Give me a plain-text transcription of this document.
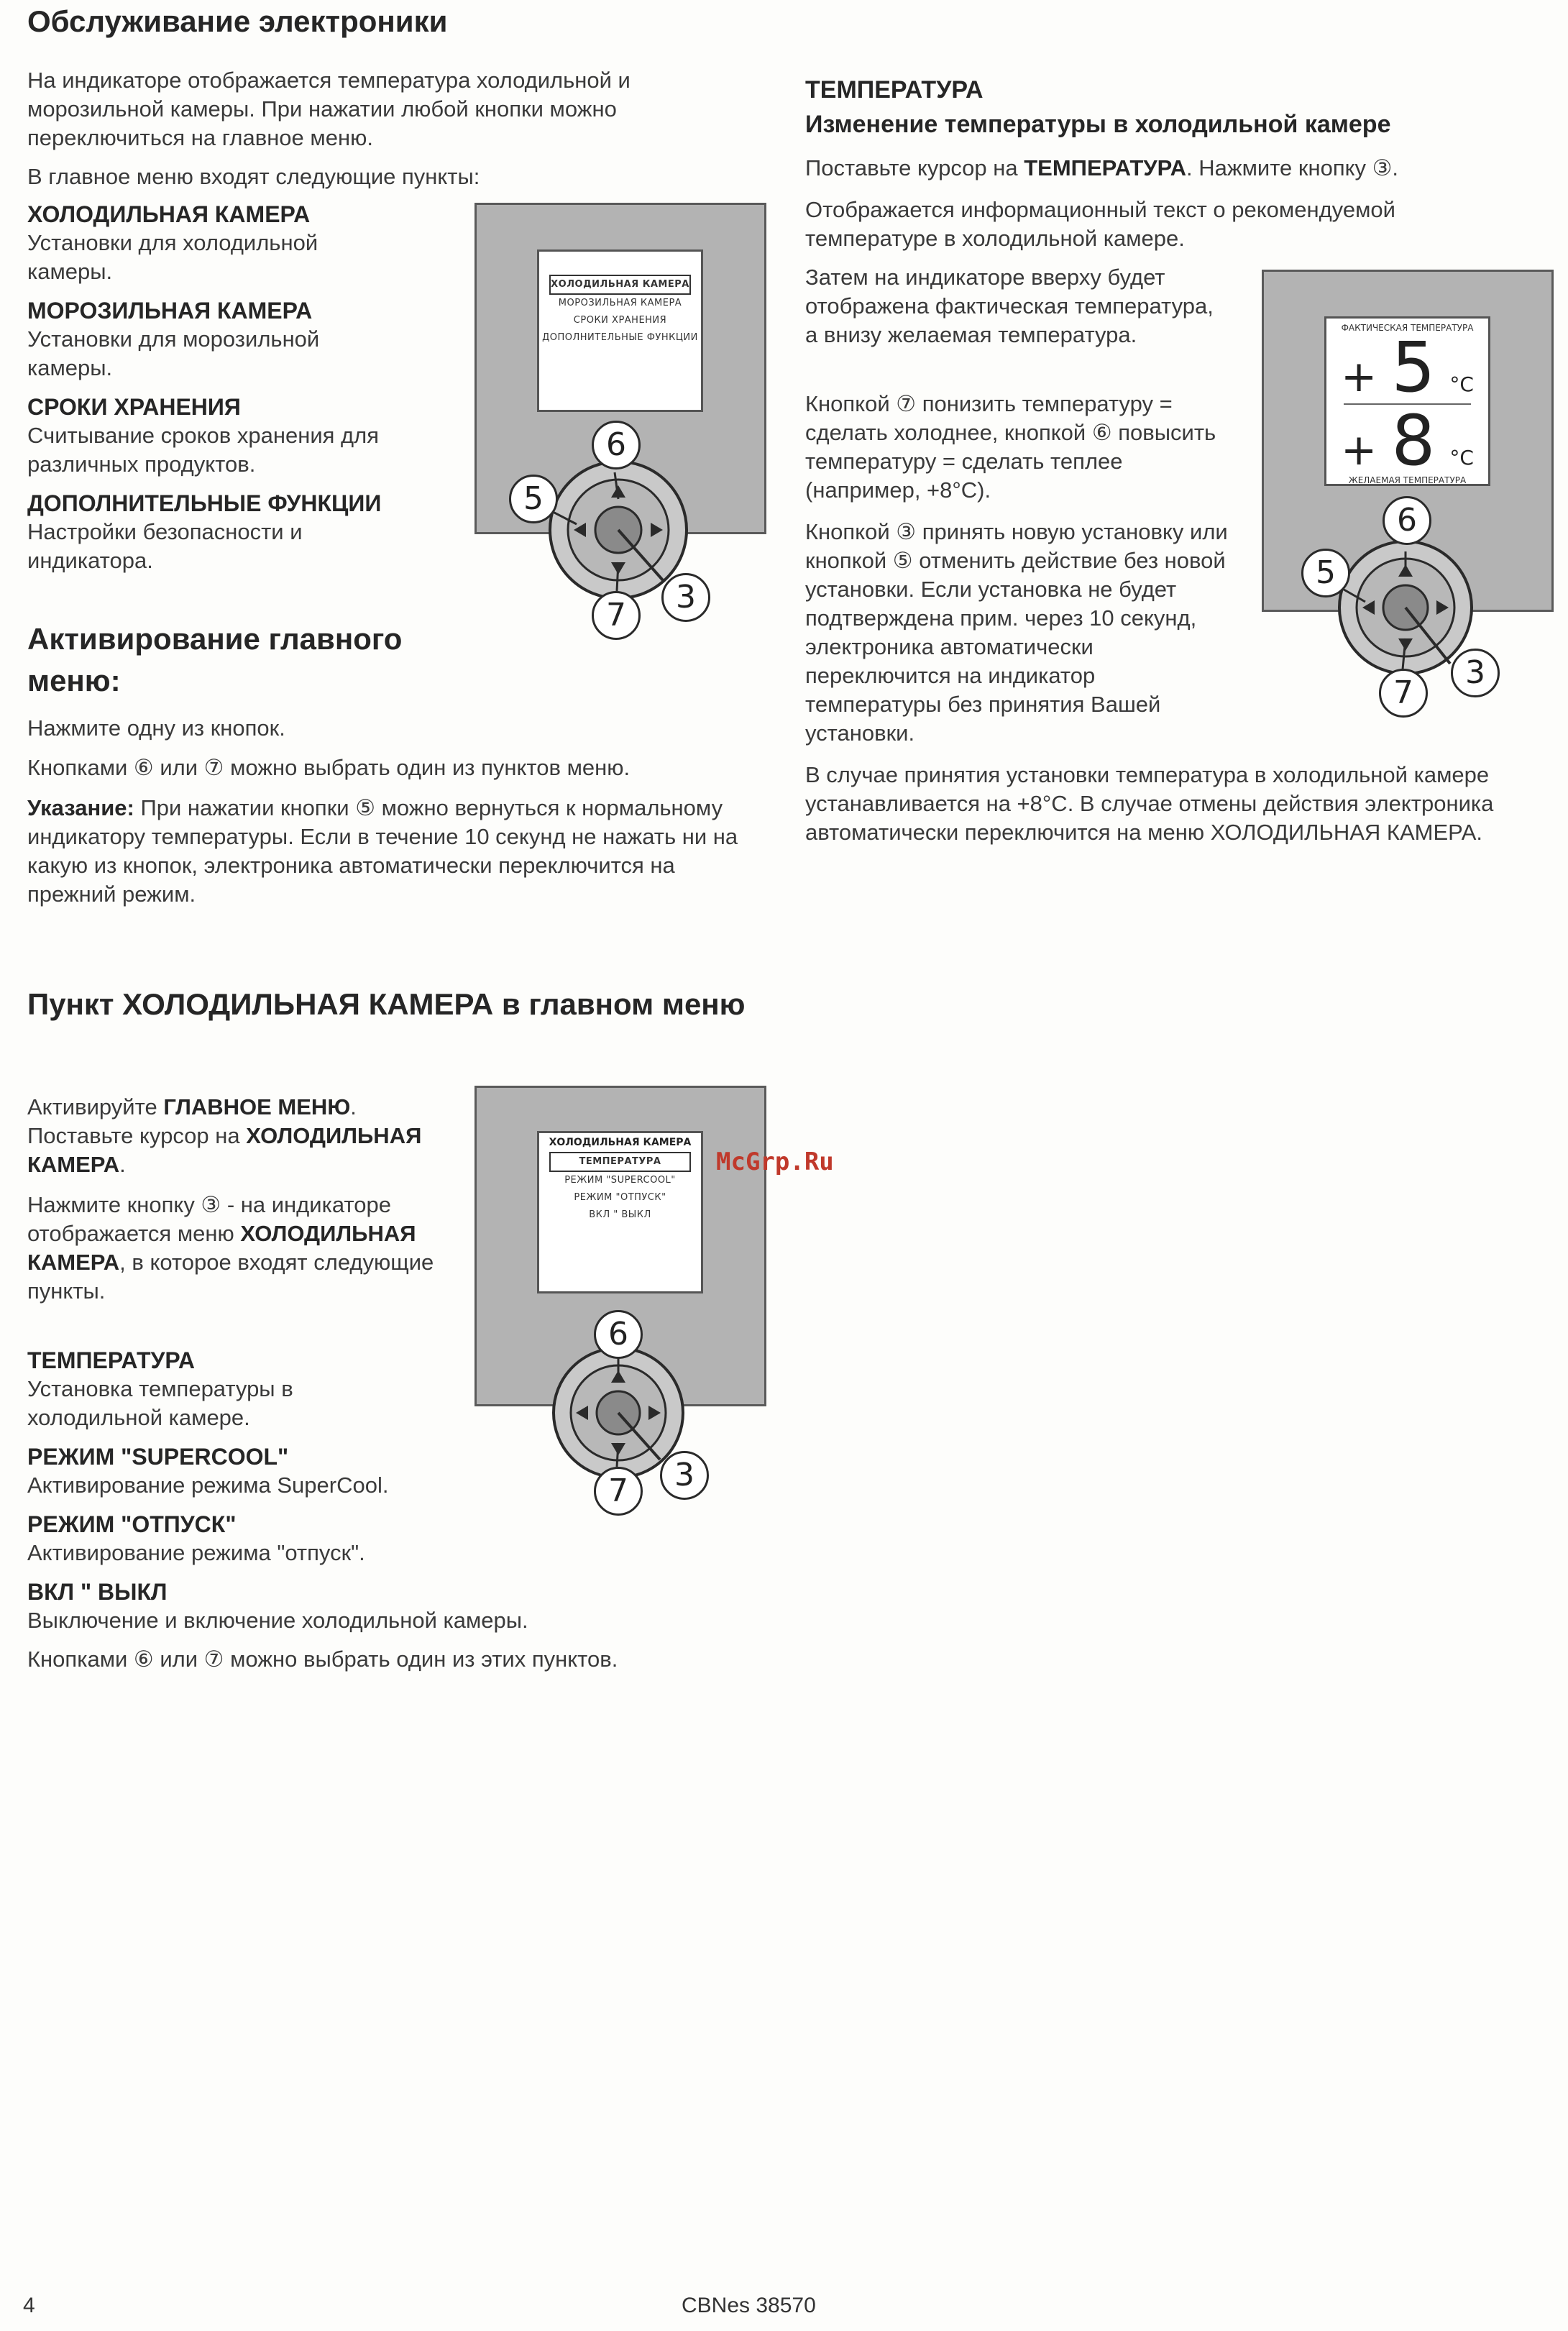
Обслуживание электроники
На индикаторе отображается температура холодильной и морозильной камеры. При нажатии любой кнопки можно переключиться на главное меню.
В главное меню входят следующие пункты:
ХОЛОДИЛЬНАЯ КАМЕРА
Установки для холодильной камеры.
МОРОЗИЛЬНАЯ КАМЕРА
Установки для морозильной камеры.
СРОКИ ХРАНЕНИЯ
Считывание сроков хранения для различных продуктов.
ДОПОЛНИТЕЛЬНЫЕ ФУНКЦИИ
Настройки безопасности и индикатора.
ХОЛОДИЛЬНАЯ КАМЕРА
МОРОЗИЛЬНАЯ КАМЕРА
СРОКИ ХРАНЕНИЯ
ДОПОЛНИТЕЛЬНЫЕ ФУНКЦИИ
6
5
7	3
Активирование главного меню:
Нажмите одну из кнопок.
Кнопками ⑥ или ⑦ можно выбрать один из пунктов меню.
Указание: При нажатии кнопки ⑤ можно вернуться к нормальному индикатору температуры. Если в течение 10 секунд не нажать ни на какую из кнопок, электроника автоматически переключится на прежний режим.
Пункт ХОЛОДИЛЬНАЯ КАМЕРА в главном меню
Активируйте ГЛАВНОЕ МЕНЮ. Поставьте курсор на ХОЛОДИЛЬНАЯ КАМЕРА.
Нажмите кнопку ③ - на индикаторе отображается меню ХОЛОДИЛЬНАЯ КАМЕРА, в которое входят следующие пункты.
ТЕМПЕРАТУРА
Установка температуры в холодильной камере.
РЕЖИМ "SUPERCOOL"
Активирование режима SuperCool.
РЕЖИМ "ОТПУСК"
Активирование режима "отпуск".
ВКЛ " ВЫКЛ
Выключение и включение холодильной камеры.
Кнопками ⑥ или ⑦ можно выбрать один из этих пунктов.
ХОЛОДИЛЬНАЯ КАМЕРА
ТЕМПЕРАТУРА
РЕЖИМ "SUPERCOOL"
РЕЖИМ "ОТПУСК"
ВКЛ " ВЫКЛ
6
7	3
ТЕМПЕРАТУРА
Изменение температуры в холодильной камере
Поставьте курсор на ТЕМПЕРАТУРА. Нажмите кнопку ③.
Отображается информационный текст о рекомендуемой температуре в холодильной камере.
Затем на индикаторе вверху будет отображена фактическая температура, а внизу желаемая температура.
Кнопкой ⑦ понизить температуру = сделать холоднее, кнопкой ⑥ повысить температуру = сделать теплее (например, +8°C).
Кнопкой ③ принять новую установку или кнопкой ⑤ отменить действие без новой установки. Если установка не будет подтверждена прим. через 10 секунд, электроника автоматически переключится на индикатор температуры без принятия Вашей установки.
В случае принятия установки температура в холодильной камере устанавливается на +8°C. В случае отмены действия электроника автоматически переключится на меню ХОЛОДИЛЬНАЯ КАМЕРА.
ФАКТИЧЕСКАЯ ТЕМПЕРАТУРА
+ 5 °C
+ 8 °C
ЖЕЛАЕМАЯ ТЕМПЕРАТУРА
6
5
7
3
McGrp.Ru
4	CBNes 38570
